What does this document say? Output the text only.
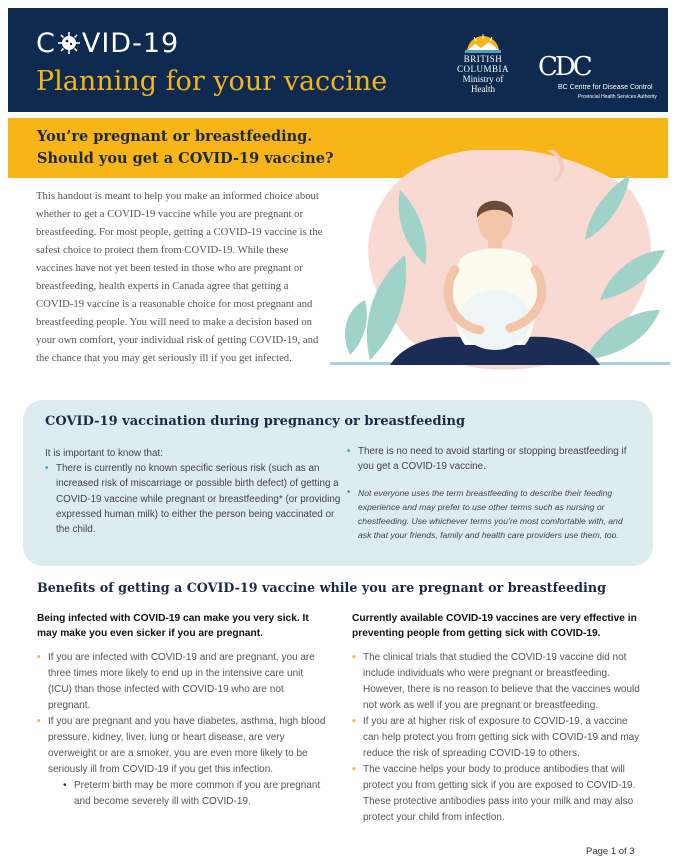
C VID-19
Planning for your vaccine
BRITISH
COLUMBIA
Ministry of
Health
CDC
BC Centre for Disease Control
Provincial Health Services Authority
You’re pregnant or breastfeeding.
Should you get a COVID-19 vaccine?
This handout is meant to help you make an informed choice about whether to get a COVID-19 vaccine while you are pregnant or breastfeeding. For most people, getting a COVID-19 vaccine is the safest choice to protect them from COVID-19. While these vaccines have not yet been tested in those who are pregnant or breastfeeding, health experts in Canada agree that getting a COVID-19 vaccine is a reasonable choice for most pregnant and breastfeeding people. You will need to make a decision based on your own comfort, your individual risk of getting COVID-19, and the chance that you may get seriously ill if you get infected.
COVID-19 vaccination during pregnancy or breastfeeding
It is important to know that:
• There is currently no known specific serious risk (such as an increased risk of miscarriage or possible birth defect) of getting a COVID-19 vaccine while pregnant or breastfeeding* (or providing expressed human milk) to either the person being vaccinated or the child.
• There is no need to avoid starting or stopping breastfeeding if you get a COVID-19 vaccine.
* Not everyone uses the term breastfeeding to describe their feeding experience and may prefer to use other terms such as nursing or chestfeeding. Use whichever terms you’re most comfortable with, and ask that your friends, family and health care providers use them, too.
Benefits of getting a COVID-19 vaccine while you are pregnant or breastfeeding
Being infected with COVID-19 can make you very sick. It may make you even sicker if you are pregnant.
• If you are infected with COVID-19 and are pregnant, you are three times more likely to end up in the intensive care unit (ICU) than those infected with COVID-19 who are not pregnant.
• If you are pregnant and you have diabetes, asthma, high blood pressure, kidney, liver, lung or heart disease, are very overweight or are a smoker, you are even more likely to be seriously ill from COVID-19 if you get this infection.
• Preterm birth may be more common if you are pregnant and become severely ill with COVID-19.
Currently available COVID-19 vaccines are very effective in preventing people from getting sick with COVID-19.
• The clinical trials that studied the COVID-19 vaccine did not include individuals who were pregnant or breastfeeding. However, there is no reason to believe that the vaccines would not work as well if you are pregnant or breastfeeding.
• If you are at higher risk of exposure to COVID-19, a vaccine can help protect you from getting sick with COVID-19 and may reduce the risk of spreading COVID-19 to others.
• The vaccine helps your body to produce antibodies that will protect you from getting sick if you are exposed to COVID-19. These protective antibodies pass into your milk and may also protect your child from infection.
Page 1 of 3
